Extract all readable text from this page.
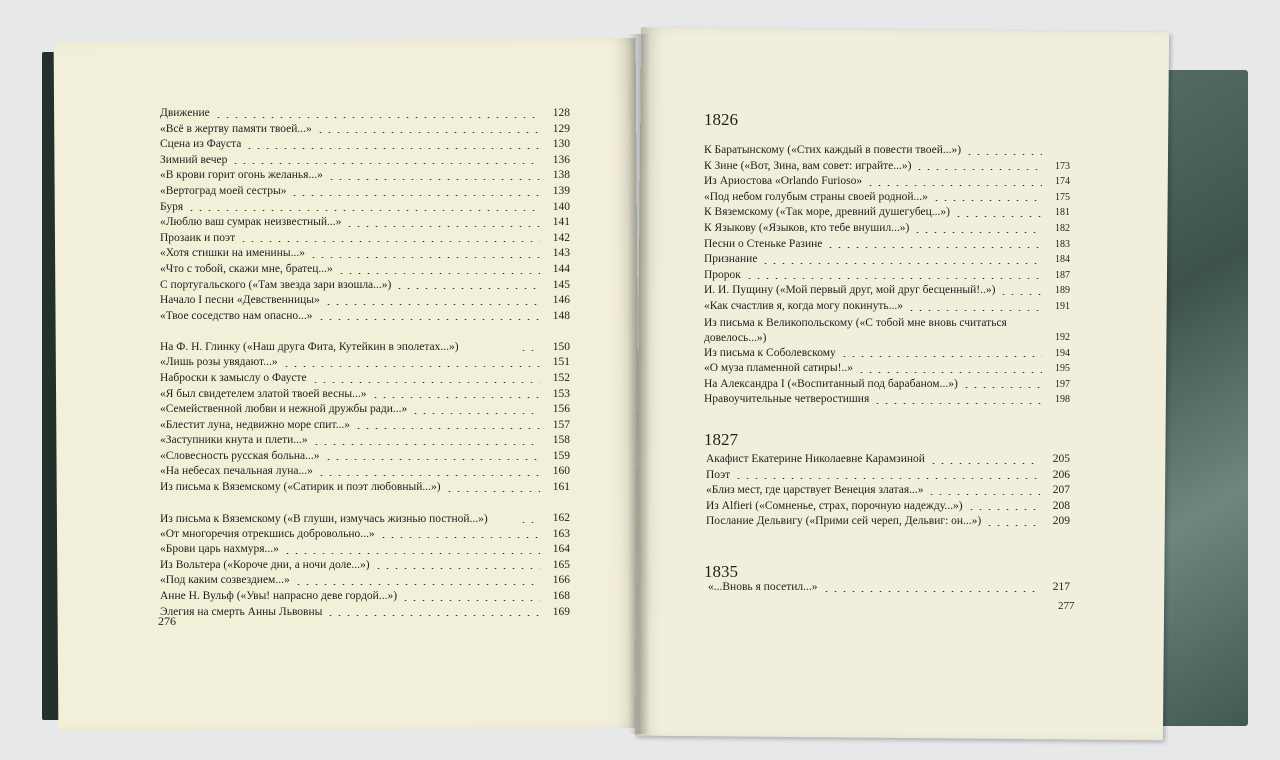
Движение	128
«Всё в жертву памяти твоей...»	129
Сцена из Фауста	130
Зимний вечер	136
«В крови горит огонь желанья...»	138
«Вертоград моей сестры»	139
Буря	140
«Люблю ваш сумрак неизвестный...»	141
Прозаик и поэт	142
«Хотя стишки на именины...»	143
«Что с тобой, скажи мне, братец...»	144
С португальского («Там звезда зари взошла...»)	145
Начало I песни «Девственницы»	146
«Твое соседство нам опасно...»	148
На Ф. Н. Глинку («Наш друга Фита, Кутейкин в эполетах...»)	150
«Лишь розы увядают...»	151
Наброски к замыслу о Фаусте	152
«Я был свидетелем златой твоей весны...»	153
«Семейственной любви и нежной дружбы ради...»	156
«Блестит луна, недвижно море спит...»	157
«Заступники кнута и плети...»	158
«Словесность русская больна...»	159
«На небесах печальная луна...»	160
Из письма к Вяземскому («Сатирик и поэт любовный...»)	161
Из письма к Вяземскому («В глуши, измучась жизнью постной...»)	162
«От многоречия отрекшись добровольно...»	163
«Брови царь нахмуря...»	164
Из Вольтера («Короче дни, а ночи доле...»)	165
«Под каким созвездием...»	166
Анне Н. Вульф («Увы! напрасно деве гордой...»)	168
Элегия на смерть Анны Львовны	169
276
1826
К Баратынскому («Стих каждый в повести твоей...»)
К Зине («Вот, Зина, вам совет: играйте...»)	173
Из Ариостова «Orlando Furioso»	174
«Под небом голубым страны своей родной...»	175
К Вяземскому («Так море, древний душегубец...»)	181
К Языкову («Языков, кто тебе внушил...»)	182
Песни о Стеньке Разине	183
Признание	184
Пророк	187
И. И. Пущину («Мой первый друг, мой друг бесценный!..»)	189
«Как счастлив я, когда могу покинуть...»	191
Из письма к Великопольскому («С тобой мне вновь считаться довелось...»)	192
Из письма к Соболевскому	194
«О муза пламенной сатиры!..»	195
На Александра I («Воспитанный под барабаном...»)	197
Нравоучительные четверостишия	198
1827
Акафист Екатерине Николаевне Карамзиной	205
Поэт	206
«Близ мест, где царствует Венеция златая...»	207
Из Alfieri («Сомненье, страх, порочную надежду...»)	208
Послание Дельвигу («Прими сей череп, Дельвиг: он...»)	209
1835
«...Вновь я посетил...»	217
277
